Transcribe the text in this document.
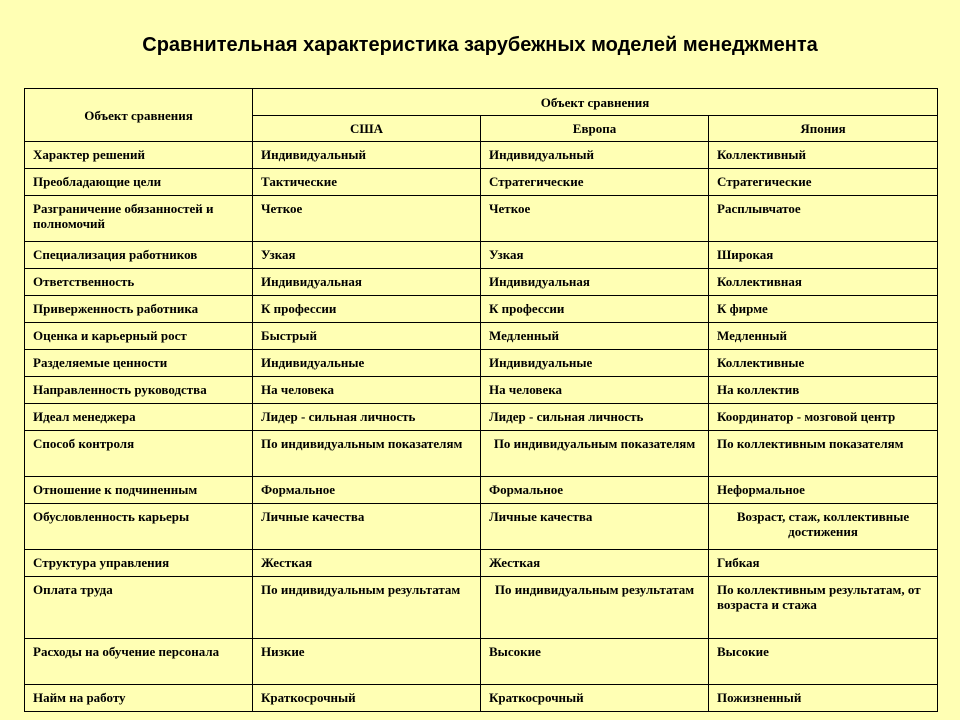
Сравнительная характеристика зарубежных моделей менеджмента
Объект сравнения	Объект сравнения		
	США	Европа	Япония
Характер решений	Индивидуальный	Индивидуальный	Коллективный
Преобладающие цели	Тактические	Стратегические	Стратегические
Разграничение обязанностей и полномочий	Четкое	Четкое	Расплывчатое
Специализация работников	Узкая	Узкая	Широкая
Ответственность	Индивидуальная	Индивидуальная	Коллективная
Приверженность работника	К профессии	К профессии	К фирме
Оценка и карьерный рост	Быстрый	Медленный	Медленный
Разделяемые ценности	Индивидуальные	Индивидуальные	Коллективные
Направленность руководства	На человека	На человека	На коллектив
Идеал менеджера	Лидер - сильная личность	Лидер - сильная личность	Координатор - мозговой центр
Способ контроля	По индивидуальным показателям	По индивидуальным показателям	По коллективным показателям
Отношение к подчиненным	Формальное	Формальное	Неформальное
Обусловленность карьеры	Личные качества	Личные качества	Возраст, стаж, коллективные достижения
Структура управления	Жесткая	Жесткая	Гибкая
Оплата труда	По индивидуальным результатам	По индивидуальным результатам	По коллективным результатам, от возраста и стажа
Расходы на обучение персонала	Низкие	Высокие	Высокие
Найм на работу	Краткосрочный	Краткосрочный	Пожизненный
